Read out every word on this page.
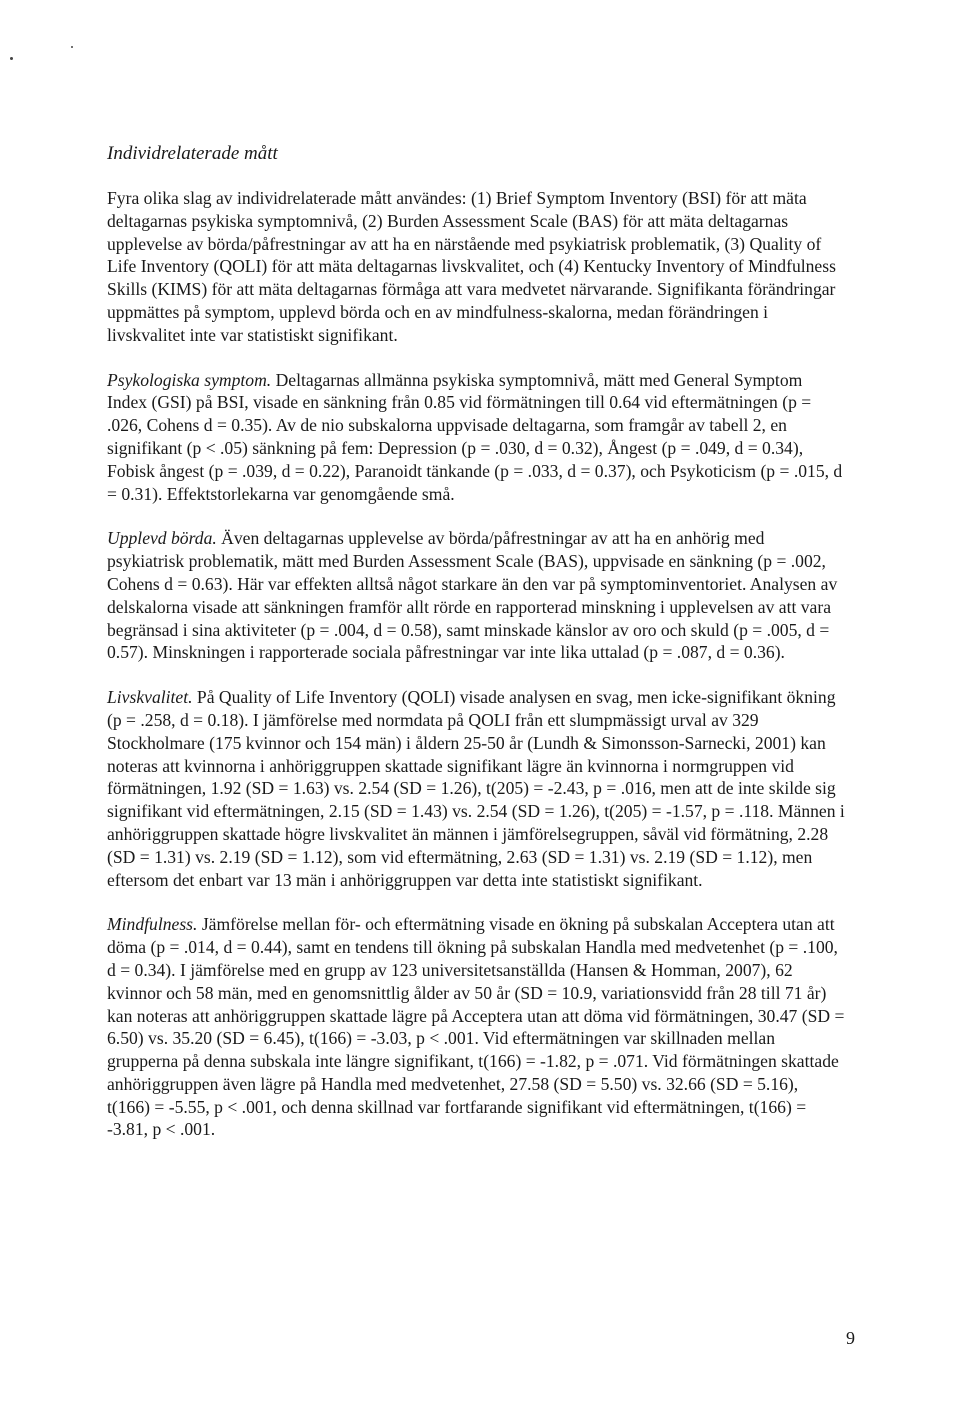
Individrelaterade mått

Fyra olika slag av individrelaterade mått användes: (1) Brief Symptom Inventory (BSI) för att mäta deltagarnas psykiska symptomnivå, (2) Burden Assessment Scale (BAS) för att mäta deltagarnas upplevelse av börda/påfrestningar av att ha en närstående med psykiatrisk problematik, (3) Quality of Life Inventory (QOLI) för att mäta deltagarnas livskvalitet, och (4) Kentucky Inventory of Mindfulness Skills (KIMS) för att mäta deltagarnas förmåga att vara medvetet närvarande. Signifikanta förändringar uppmättes på symptom, upplevd börda och en av mindfulness-skalorna, medan förändringen i livskvalitet inte var statistiskt signifikant.

Psykologiska symptom. Deltagarnas allmänna psykiska symptomnivå, mätt med General Symptom Index (GSI) på BSI, visade en sänkning från 0.85 vid förmätningen till 0.64 vid eftermätningen (p = .026, Cohens d = 0.35). Av de nio subskalorna uppvisade deltagarna, som framgår av tabell 2, en signifikant (p < .05) sänkning på fem: Depression (p = .030, d = 0.32), Ångest (p = .049, d = 0.34), Fobisk ångest (p = .039, d = 0.22), Paranoidt tänkande (p = .033, d = 0.37), och Psykoticism (p = .015, d = 0.31). Effektstorlekarna var genomgående små.

Upplevd börda. Även deltagarnas upplevelse av börda/påfrestningar av att ha en anhörig med psykiatrisk problematik, mätt med Burden Assessment Scale (BAS), uppvisade en sänkning (p = .002, Cohens d = 0.63). Här var effekten alltså något starkare än den var på symptominventoriet. Analysen av delskalorna visade att sänkningen framför allt rörde en rapporterad minskning i upplevelsen av att vara begränsad i sina aktiviteter (p = .004, d = 0.58), samt minskade känslor av oro och skuld (p = .005, d = 0.57). Minskningen i rapporterade sociala påfrestningar var inte lika uttalad (p = .087, d = 0.36).

Livskvalitet. På Quality of Life Inventory (QOLI) visade analysen en svag, men icke-signifikant ökning (p = .258, d = 0.18). I jämförelse med normdata på QOLI från ett slumpmässigt urval av 329 Stockholmare (175 kvinnor och 154 män) i åldern 25-50 år (Lundh & Simonsson-Sarnecki, 2001) kan noteras att kvinnorna i anhöriggruppen skattade signifikant lägre än kvinnorna i normgruppen vid förmätningen, 1.92 (SD = 1.63) vs. 2.54 (SD = 1.26), t(205) = -2.43, p = .016, men att de inte skilde sig signifikant vid eftermätningen, 2.15 (SD = 1.43) vs. 2.54 (SD = 1.26), t(205) = -1.57, p = .118. Männen i anhöriggruppen skattade högre livskvalitet än männen i jämförelsegruppen, såväl vid förmätning, 2.28 (SD = 1.31) vs. 2.19 (SD = 1.12), som vid eftermätning, 2.63 (SD = 1.31) vs. 2.19 (SD = 1.12), men eftersom det enbart var 13 män i anhöriggruppen var detta inte statistiskt signifikant.

Mindfulness. Jämförelse mellan för- och eftermätning visade en ökning på subskalan Acceptera utan att döma (p = .014, d = 0.44), samt en tendens till ökning på subskalan Handla med medvetenhet (p = .100, d = 0.34). I jämförelse med en grupp av 123 universitetsanställda (Hansen & Homman, 2007), 62 kvinnor och 58 män, med en genomsnittlig ålder av 50 år (SD = 10.9, variationsvidd från 28 till 71 år) kan noteras att anhöriggruppen skattade lägre på Acceptera utan att döma vid förmätningen, 30.47 (SD = 6.50) vs. 35.20 (SD = 6.45), t(166) = -3.03, p < .001. Vid eftermätningen var skillnaden mellan grupperna på denna subskala inte längre signifikant, t(166) = -1.82, p = .071. Vid förmätningen skattade anhöriggruppen även lägre på Handla med medvetenhet, 27.58 (SD = 5.50) vs. 32.66 (SD = 5.16), t(166) = -5.55, p < .001, och denna skillnad var fortfarande signifikant vid eftermätningen, t(166) = -3.81, p < .001.

9
